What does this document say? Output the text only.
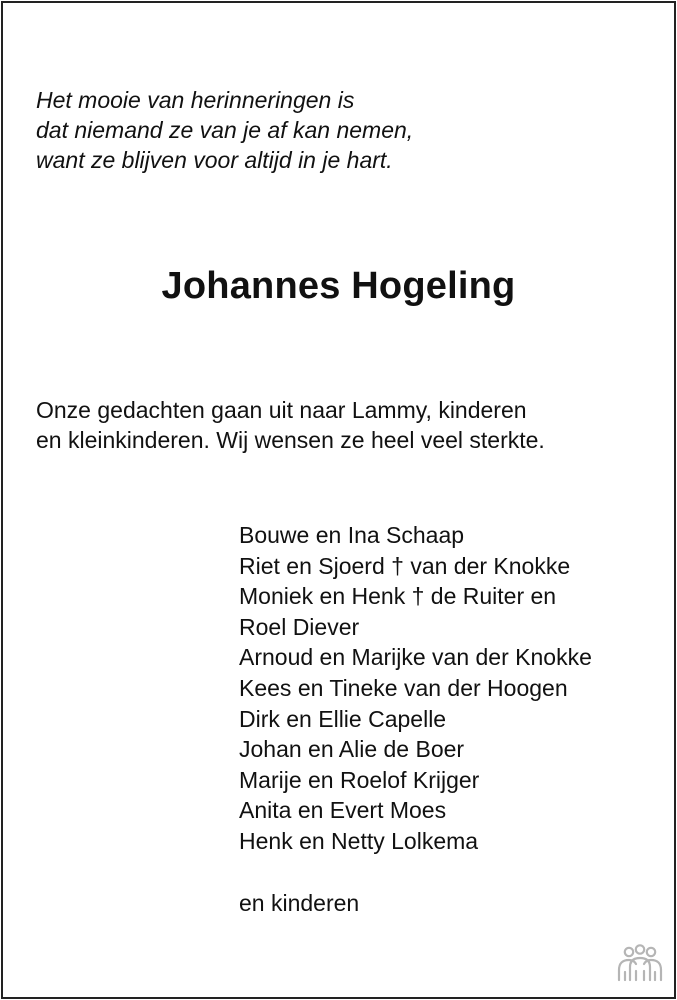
Het mooie van herinneringen is
dat niemand ze van je af kan nemen,
want ze blijven voor altijd in je hart.
Johannes Hogeling
Onze gedachten gaan uit naar Lammy, kinderen
en kleinkinderen. Wij wensen ze heel veel sterkte.
Bouwe en Ina Schaap
Riet en Sjoerd † van der Knokke
Moniek en Henk † de Ruiter en
Roel Diever
Arnoud en Marijke van der Knokke
Kees en Tineke van der Hoogen
Dirk en Ellie Capelle
Johan en Alie de Boer
Marije en Roelof Krijger
Anita en Evert Moes
Henk en Netty Lolkema
en kinderen
